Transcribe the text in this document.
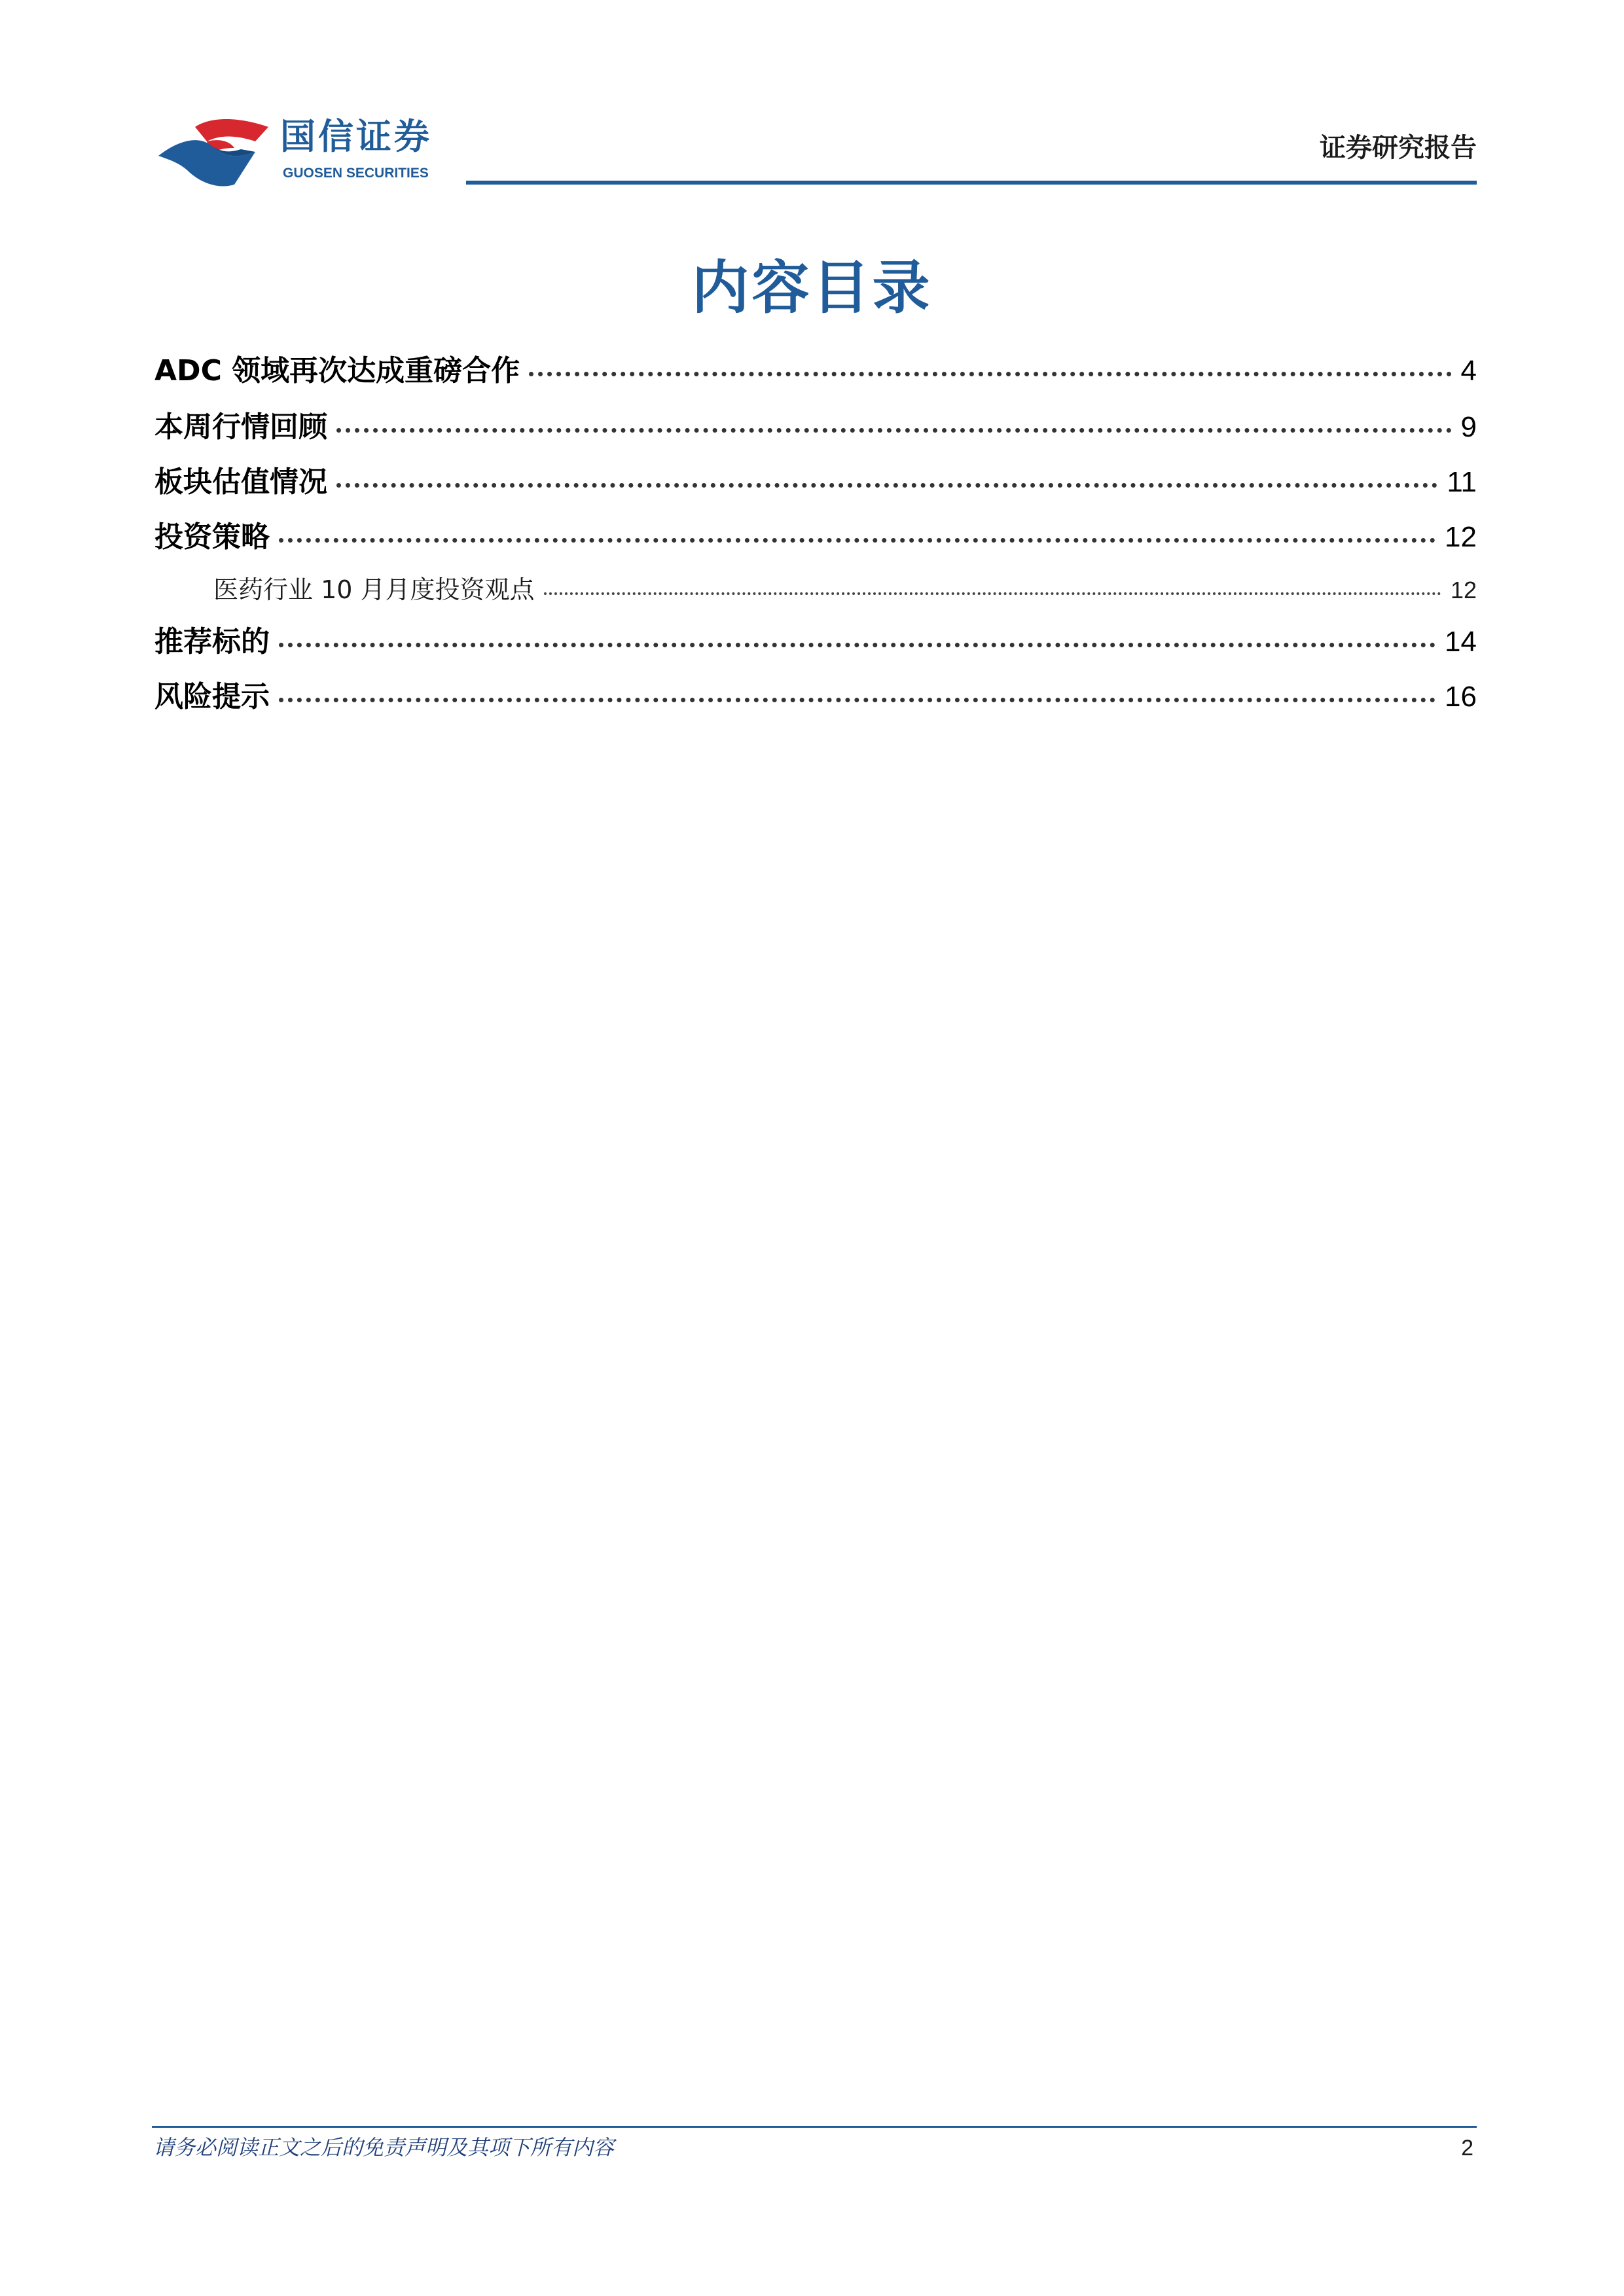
国信证券
GUOSEN SECURITIES
证券研究报告
内容目录
ADC 领域再次达成重磅合作	4
本周行情回顾	9
板块估值情况	11
投资策略	12
医药行业 10 月月度投资观点	12
推荐标的	14
风险提示	16
请务必阅读正文之后的免责声明及其项下所有内容	2
